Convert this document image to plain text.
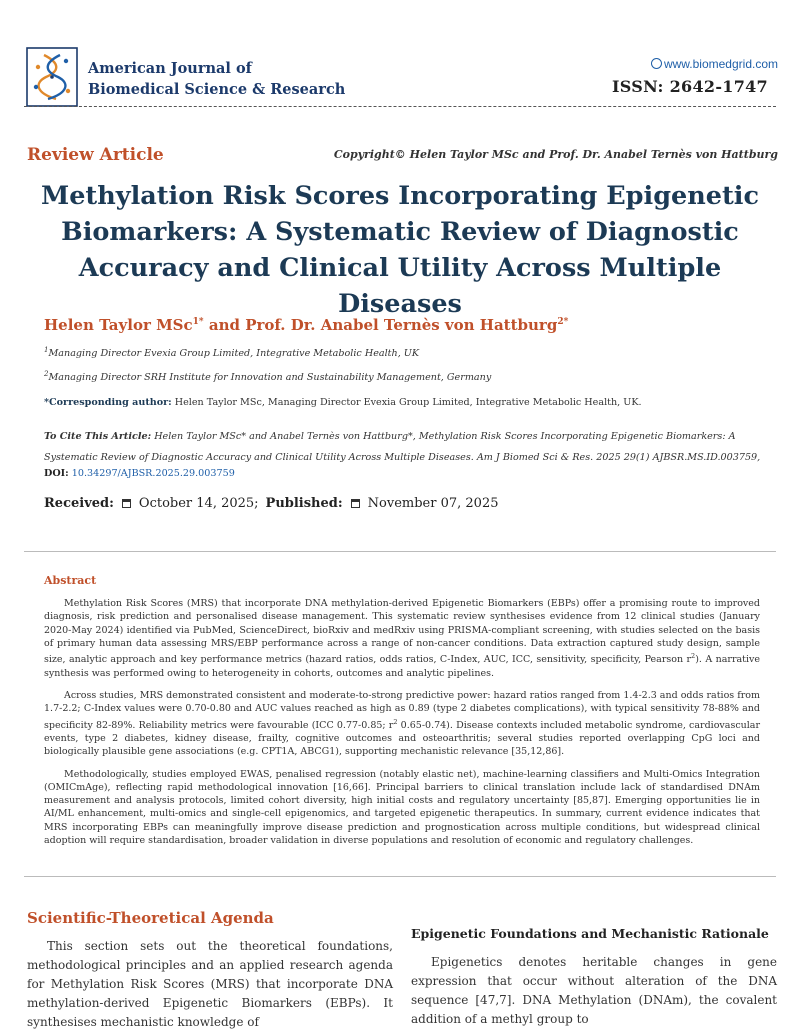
American Journal of
Biomedical Science & Research
www.biomedgrid.com
ISSN: 2642-1747
Review Article	Copyright© Helen Taylor MSc and Prof. Dr. Anabel Ternès von Hattburg
Methylation Risk Scores Incorporating Epigenetic Biomarkers: A Systematic Review of Diagnostic Accuracy and Clinical Utility Across Multiple Diseases
Helen Taylor MSc$^{1*}$ and Prof. Dr. Anabel Ternès von Hattburg$^{2*}$
$^1$Managing Director Evexia Group Limited, Integrative Metabolic Health, UK
$^2$Managing Director SRH Institute for Innovation and Sustainability Management, Germany
*Corresponding author: Helen Taylor MSc, Managing Director Evexia Group Limited, Integrative Metabolic Health, UK.
To Cite This Article: Helen Taylor MSc* and Anabel Ternès von Hattburg*, Methylation Risk Scores Incorporating Epigenetic Biomarkers: A Systematic Review of Diagnostic Accuracy and Clinical Utility Across Multiple Diseases. Am J Biomed Sci & Res. 2025 29(1) AJBSR.MS.ID.003759,
DOI: 10.34297/AJBSR.2025.29.003759
Received: October 14, 2025; Published: November 07, 2025
Abstract

Methylation Risk Scores (MRS) that incorporate DNA methylation-derived Epigenetic Biomarkers (EBPs) offer a promising route to improved diagnosis, risk prediction and personalised disease management. This systematic review synthesises evidence from 12 clinical studies (January 2020-May 2024) identified via PubMed, ScienceDirect, bioRxiv and medRxiv using PRISMA-compliant screening, with studies selected on the basis of primary human data assessing MRS/EBP performance across a range of non-cancer conditions. Data extraction captured study design, sample size, analytic approach and key performance metrics (hazard ratios, odds ratios, C-Index, AUC, ICC, sensitivity, specificity, Pearson $r^2$). A narrative synthesis was performed owing to heterogeneity in cohorts, outcomes and analytic pipelines.

Across studies, MRS demonstrated consistent and moderate-to-strong predictive power: hazard ratios ranged from 1.4-2.3 and odds ratios from 1.7-2.2; C-Index values were 0.70-0.80 and AUC values reached as high as 0.89 (type 2 diabetes complications), with typical sensitivity 78-88% and specificity 82-89%. Reliability metrics were favourable (ICC 0.77-0.85; $r^2$ 0.65-0.74). Disease contexts included metabolic syndrome, cardiovascular events, type 2 diabetes, kidney disease, frailty, cognitive outcomes and osteoarthritis; several studies reported overlapping CpG loci and biologically plausible gene associations (e.g. CPT1A, ABCG1), supporting mechanistic relevance [35,12,86].

Methodologically, studies employed EWAS, penalised regression (notably elastic net), machine-learning classifiers and Multi-Omics Integration (OMICmAge), reflecting rapid methodological innovation [16,66]. Principal barriers to clinical translation include lack of standardised DNAm measurement and analysis protocols, limited cohort diversity, high initial costs and regulatory uncertainty [85,87]. Emerging opportunities lie in AI/ML enhancement, multi-omics and single-cell epigenomics, and targeted epigenetic therapeutics. In summary, current evidence indicates that MRS incorporating EBPs can meaningfully improve disease prediction and prognostication across multiple conditions, but widespread clinical adoption will require standardisation, broader validation in diverse populations and resolution of economic and regulatory challenges.

Scientific-Theoretical Agenda
This section sets out the theoretical foundations, methodological principles and an applied research agenda for Methylation Risk Scores (MRS) that incorporate DNA methylation-derived Epigenetic Biomarkers (EBPs). It synthesises mechanistic knowledge of
Epigenetic Foundations and Mechanistic Rationale
Epigenetics denotes heritable changes in gene expression that occur without alteration of the DNA sequence [47,7]. DNA Methylation (DNAm), the covalent addition of a methyl group to
